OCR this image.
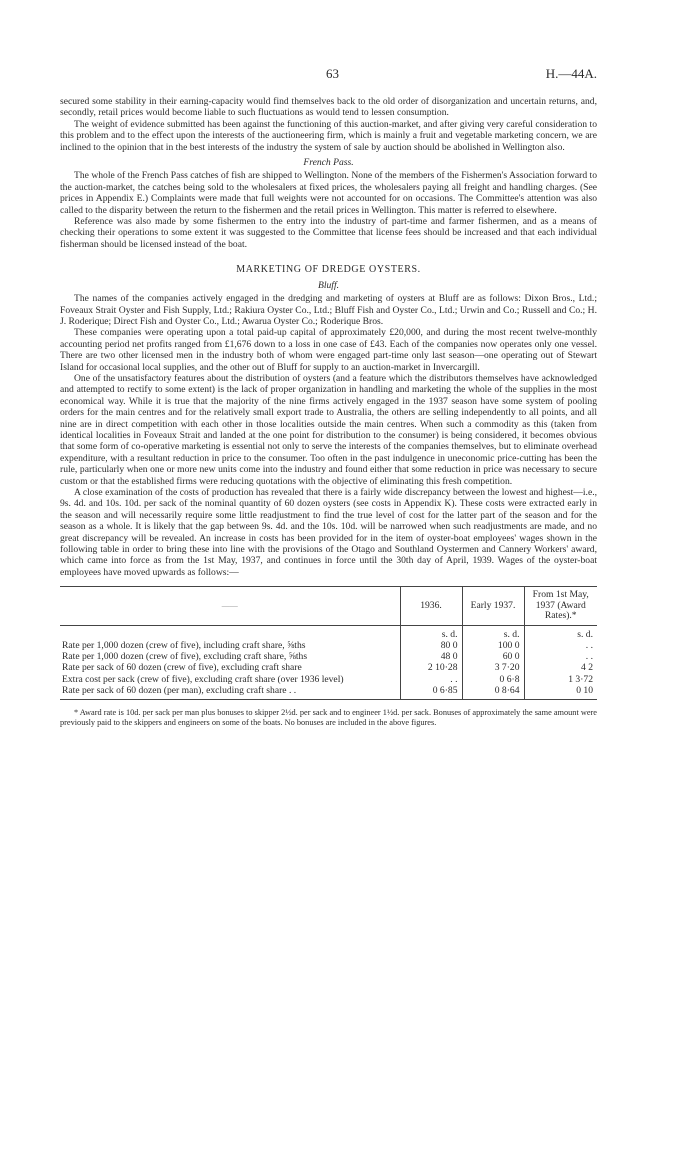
63	H.—44A.

secured some stability in their earning-capacity would find themselves back to the old order of disorganization and uncertain returns, and, secondly, retail prices would become liable to such fluctuations as would tend to lessen consumption.

The weight of evidence submitted has been against the functioning of this auction-market, and after giving very careful consideration to this problem and to the effect upon the interests of the auctioneering firm, which is mainly a fruit and vegetable marketing concern, we are inclined to the opinion that in the best interests of the industry the system of sale by auction should be abolished in Wellington also.

French Pass.

The whole of the French Pass catches of fish are shipped to Wellington. None of the members of the Fishermen's Association forward to the auction-market, the catches being sold to the wholesalers at fixed prices, the wholesalers paying all freight and handling charges. (See prices in Appendix E.) Complaints were made that full weights were not accounted for on occasions. The Committee's attention was also called to the disparity between the return to the fishermen and the retail prices in Wellington. This matter is referred to elsewhere.

Reference was also made by some fishermen to the entry into the industry of part-time and farmer fishermen, and as a means of checking their operations to some extent it was suggested to the Committee that license fees should be increased and that each individual fisherman should be licensed instead of the boat.

MARKETING OF DREDGE OYSTERS.
Bluff.

The names of the companies actively engaged in the dredging and marketing of oysters at Bluff are as follows: Dixon Bros., Ltd.; Foveaux Strait Oyster and Fish Supply, Ltd.; Rakiura Oyster Co., Ltd.; Bluff Fish and Oyster Co., Ltd.; Urwin and Co.; Russell and Co.; H. J. Roderique; Direct Fish and Oyster Co., Ltd.; Awarua Oyster Co.; Roderique Bros.

These companies were operating upon a total paid-up capital of approximately £20,000, and during the most recent twelve-monthly accounting period net profits ranged from £1,676 down to a loss in one case of £43. Each of the companies now operates only one vessel. There are two other licensed men in the industry both of whom were engaged part-time only last season—one operating out of Stewart Island for occasional local supplies, and the other out of Bluff for supply to an auction-market in Invercargill.

One of the unsatisfactory features about the distribution of oysters (and a feature which the distributors themselves have acknowledged and attempted to rectify to some extent) is the lack of proper organization in handling and marketing the whole of the supplies in the most economical way. While it is true that the majority of the nine firms actively engaged in the 1937 season have some system of pooling orders for the main centres and for the relatively small export trade to Australia, the others are selling independently to all points, and all nine are in direct competition with each other in those localities outside the main centres. When such a commodity as this (taken from identical localities in Foveaux Strait and landed at the one point for distribution to the consumer) is being considered, it becomes obvious that some form of co-operative marketing is essential not only to serve the interests of the companies themselves, but to eliminate overhead expenditure, with a resultant reduction in price to the consumer. Too often in the past indulgence in uneconomic price-cutting has been the rule, particularly when one or more new units come into the industry and found either that some reduction in price was necessary to secure custom or that the established firms were reducing quotations with the objective of eliminating this fresh competition.

A close examination of the costs of production has revealed that there is a fairly wide discrepancy between the lowest and highest—i.e., 9s. 4d. and 10s. 10d. per sack of the nominal quantity of 60 dozen oysters (see costs in Appendix K). These costs were extracted early in the season and will necessarily require some little readjustment to find the true level of cost for the latter part of the season and for the season as a whole. It is likely that the gap between 9s. 4d. and the 10s. 10d. will be narrowed when such readjustments are made, and no great discrepancy will be revealed. An increase in costs has been provided for in the item of oyster-boat employees' wages shown in the following table in order to bring these into line with the provisions of the Otago and Southland Oystermen and Cannery Workers' award, which came into force as from the 1st May, 1937, and continues in force until the 30th day of April, 1939. Wages of the oyster-boat employees have moved upwards as follows:—

——	1936.	Early 1937.	From 1st May, 1937 (Award Rates).*
	s. d.	s. d.	s. d.
Rate per 1,000 dozen (crew of five), including craft share, ⅝ths	80 0	100 0	. .
Rate per 1,000 dozen (crew of five), excluding craft share, ⅝ths	48 0	60 0	. .
Rate per sack of 60 dozen (crew of five), excluding craft share	2 10·28	3 7·20	4 2
Extra cost per sack (crew of five), excluding craft share (over 1936 level)	. .	0 6·8	1 3·72
Rate per sack of 60 dozen (per man), excluding craft share . .	0 6·85	0 8·64	0 10

* Award rate is 10d. per sack per man plus bonuses to skipper 2½d. per sack and to engineer 1½d. per sack. Bonuses of approximately the same amount were previously paid to the skippers and engineers on some of the boats. No bonuses are included in the above figures.
